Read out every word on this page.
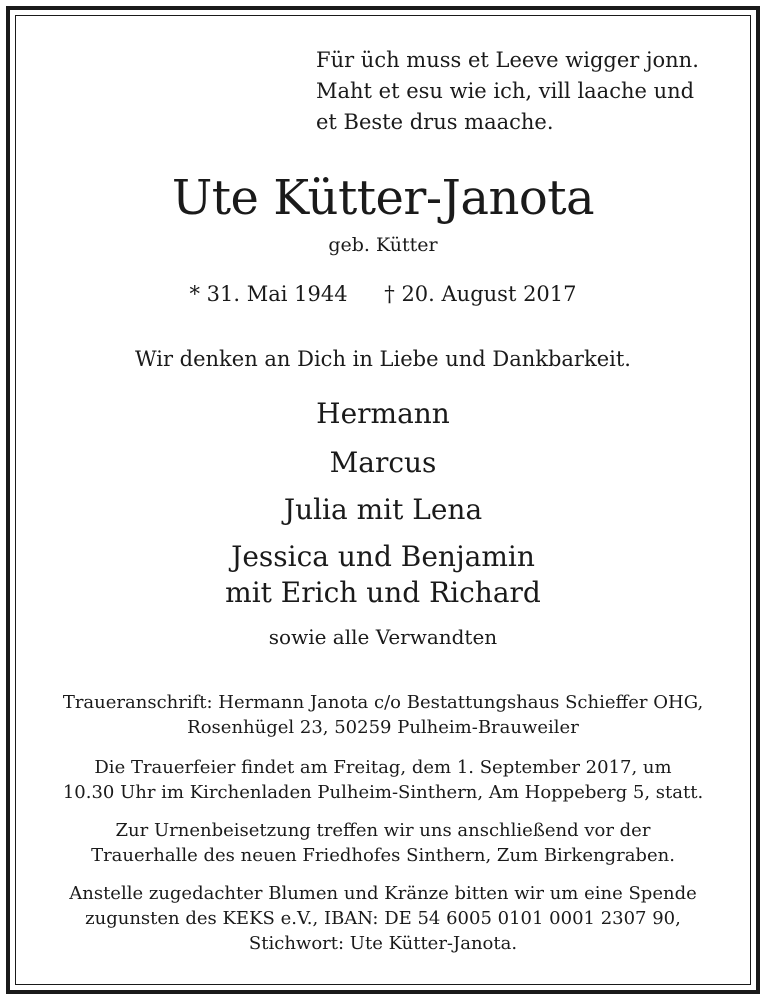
Für üch muss et Leeve wigger jonn.
Maht et esu wie ich, vill laache und
et Beste drus maache.
Ute Kütter-Janota
geb. Kütter
* 31. Mai 1944 † 20. August 2017
Wir denken an Dich in Liebe und Dankbarkeit.
Hermann
Marcus
Julia mit Lena
Jessica und Benjamin
mit Erich und Richard
sowie alle Verwandten
Traueranschrift: Hermann Janota c/o Bestattungshaus Schieffer OHG,
Rosenhügel 23, 50259 Pulheim-Brauweiler
Die Trauerfeier findet am Freitag, dem 1. September 2017, um
10.30 Uhr im Kirchenladen Pulheim-Sinthern, Am Hoppeberg 5, statt.
Zur Urnenbeisetzung treffen wir uns anschließend vor der
Trauerhalle des neuen Friedhofes Sinthern, Zum Birkengraben.
Anstelle zugedachter Blumen und Kränze bitten wir um eine Spende
zugunsten des KEKS e.V., IBAN: DE 54 6005 0101 0001 2307 90,
Stichwort: Ute Kütter-Janota.
